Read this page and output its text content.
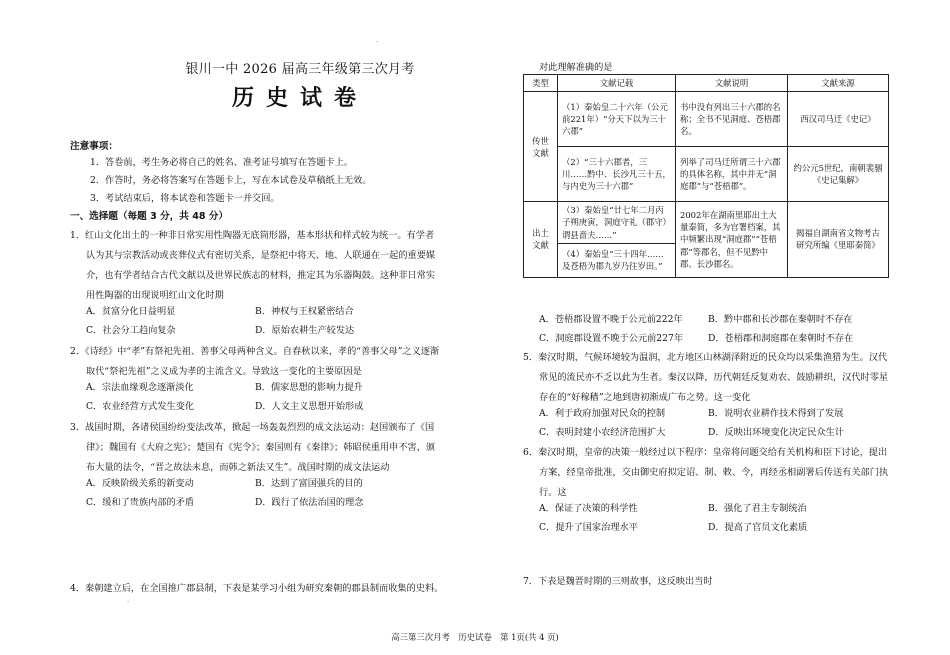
银川一中 2026 届高三年级第三次月考
历史试卷
注意事项：
1．答卷前，考生务必将自己的姓名、准考证号填写在答题卡上。
2．作答时，务必将答案写在答题卡上，写在本试卷及草稿纸上无效。
3．考试结束后，将本试卷和答题卡一并交回。
一、选择题（每题 3 分，共 48 分）
1．红山文化出土的一种非日常实用性陶器无底筒形器，基本形状和样式较为统一。有学者
认为其与宗教活动或丧葬仪式有密切关系，是祭祀中将天、地、人联通在一起的重要媒
介，也有学者结合古代文献以及世界民族志的材料，推定其为乐器陶鼓。这种非日常实
用性陶器的出现说明红山文化时期
A．贫富分化日益明显	B．神权与王权紧密结合
C．社会分工趋向复杂	D．原始农耕生产较发达
2．《诗经》中“孝”有祭祀先祖、善事父母两种含义。自春秋以来，孝的“善事父母”之义逐渐
取代“祭祀先祖”之义成为孝的主流含义。导致这一变化的主要原因是
A．宗法血缘观念逐渐淡化	B．儒家思想的影响力提升
C．农业经营方式发生变化	D．人文主义思想开始形成
3．战国时期，各诸侯国纷纷变法改革，掀起一场轰轰烈烈的成文法运动：赵国颁布了《国
律》；魏国有《大府之宪》；楚国有《宪令》；秦国则有《秦律》；韩昭侯重用申不害，颁
布大量的法令，“晋之故法未息，而韩之新法又生”。战国时期的成文法运动
A．反映阶级关系的新变动	B．达到了富国强兵的目的
C．缓和了贵族内部的矛盾	D．践行了依法治国的理念
4．秦朝建立后，在全国推广郡县制，下表是某学习小组为研究秦朝的郡县制而收集的史料。
·
·
对此理解准确的是
类型	文献记载	文献说明	文献来源
传世文献	（1）秦始皇二十六年（公元前221年）“分天下以为三十六郡”	书中没有列出三十六郡的名称；全书不见洞庭、苍梧郡名。	西汉司马迁《史记》
	（2）“三十六郡者，三川……黔中、长沙凡三十五，与内史为三十六郡”	列举了司马迁所谓三十六郡的具体名称，其中并无“洞庭郡”与“苍梧郡”。	约公元5世纪，南朝裴骃《史记集解》
出土文献	（3）秦始皇“廿七年二月丙子朔庚寅，洞庭守礼（郡守）谓县啬夫……”	2002年在湖南里耶出土大量秦简，多为官署档案，其中频繁出现“洞庭郡”“苍梧郡”等郡名，但不见黔中郡、长沙郡名。	揭福自湖南省文物考古研究所编《里耶秦简》
	（4）秦始皇“三十四年……及苍梧为郡九岁乃往岁田。”		
A．苍梧郡设置不晚于公元前222年	B．黔中郡和长沙郡在秦朝时不存在
C．洞庭郡设置不晚于公元前227年	D．苍梧郡和洞庭郡在秦朝时不存在
5．秦汉时期，气候环境较为温润，北方地区山林湖泽附近的民众均以采集渔猎为生。汉代
常见的流民亦不乏以此为生者。秦汉以降，历代朝廷反复劝农、鼓励耕织，汉代时零星
存在的“好稼穑”之地到唐初渐成广布之势。这一变化
A．利于政府加强对民众的控制	B．说明农业耕作技术得到了发展
C．表明封建小农经济范围扩大	D．反映出环境变化决定民众生计
6．秦汉时期，皇帝的决策一般经过以下程序：皇帝将问题交给有关机构和臣下讨论，提出
方案，经皇帝批准，交由御史府拟定诏、制、敕、令，再经丞相副署后传送有关部门执
行。这
A．保证了决策的科学性	B．强化了君主专制统治
C．提升了国家治理水平	D．提高了官员文化素质
7．下表是魏晋时期的三则故事，这反映出当时
高三第三次月考　历史试卷　第 1页(共 4 页)
